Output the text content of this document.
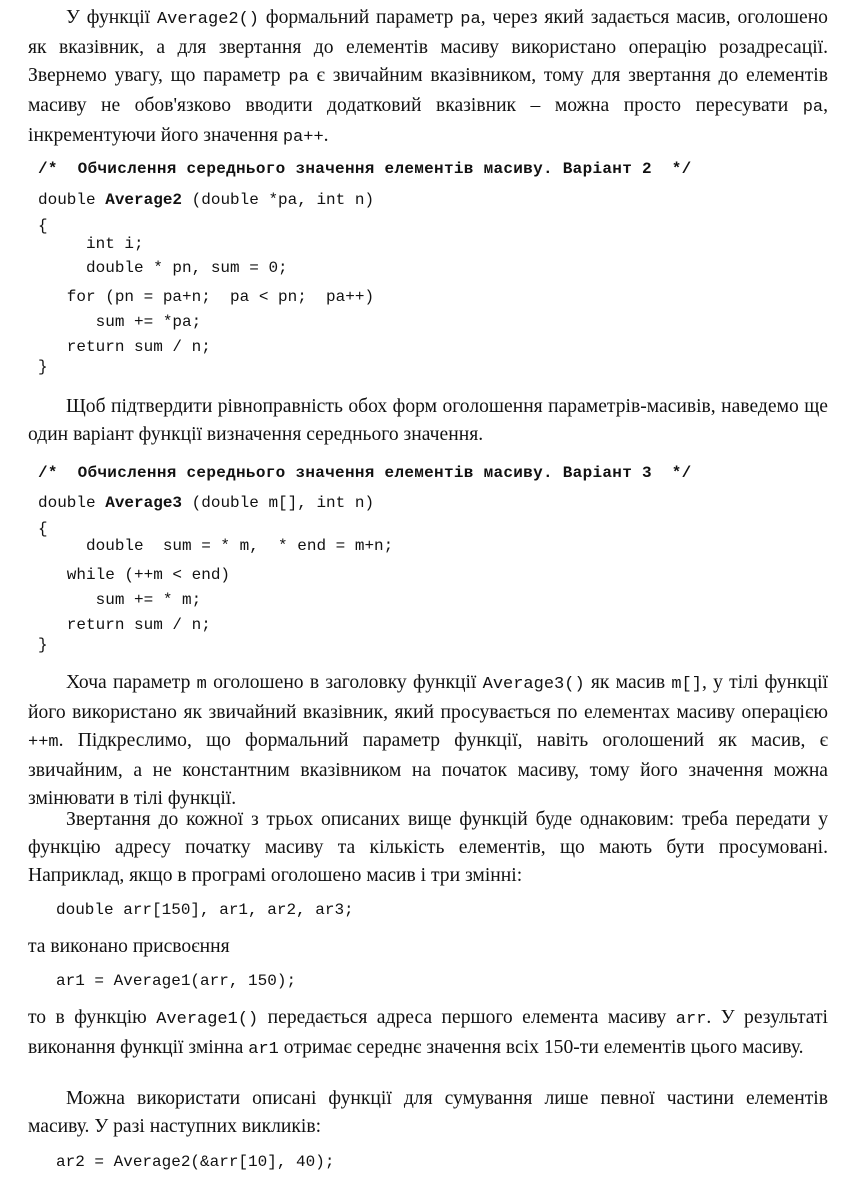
У функції Average2() формальний параметр pa, через який задається масив, оголошено як вказівник, а для звертання до елементів масиву використано операцію розадресації. Звернемо увагу, що параметр pa є звичайним вказівником, тому для звертання до елементів масиву не обов'язково вводити додатковий вказівник – можна просто пересувати pa, інкрементуючи його значення pa++.

/*  Обчислення середнього значення елементів масиву. Варіант 2  */
double Average2 (double *pa, int n)
{
int i;
double * pn, sum = 0;
for (pn = pa+n;  pa < pn;  pa++)
sum += *pa;
return sum / n;
}

Щоб підтвердити рівноправність обох форм оголошення параметрів-масивів, наведемо ще один варіант функції визначення середнього значення.

/*  Обчислення середнього значення елементів масиву. Варіант 3  */
double Average3 (double m[], int n)
{
double  sum = * m,  * end = m+n;
while (++m < end)
sum += * m;
return sum / n;
}

Хоча параметр m оголошено в заголовку функції Average3() як масив m[], у тілі функції його використано як звичайний вказівник, який просувається по елементах масиву операцією ++m. Підкреслимо, що формальний параметр функції, навіть оголошений як масив, є звичайним, а не константним вказівником на початок масиву, тому його значення можна змінювати в тілі функції.

Звертання до кожної з трьох описаних вище функцій буде однаковим: треба передати у функцію адресу початку масиву та кількість елементів, що мають бути просумовані. Наприклад, якщо в програмі оголошено масив і три змінні:

double arr[150], ar1, ar2, ar3;

та виконано присвоєння

ar1 = Average1(arr, 150);

то в функцію Average1() передається адреса першого елемента масиву arr. У результаті виконання функції змінна ar1 отримає середнє значення всіх 150-ти елементів цього масиву.

Можна використати описані функції для сумування лише певної частини елементів масиву. У разі наступних викликів:

ar2 = Average2(&arr[10], 40);
